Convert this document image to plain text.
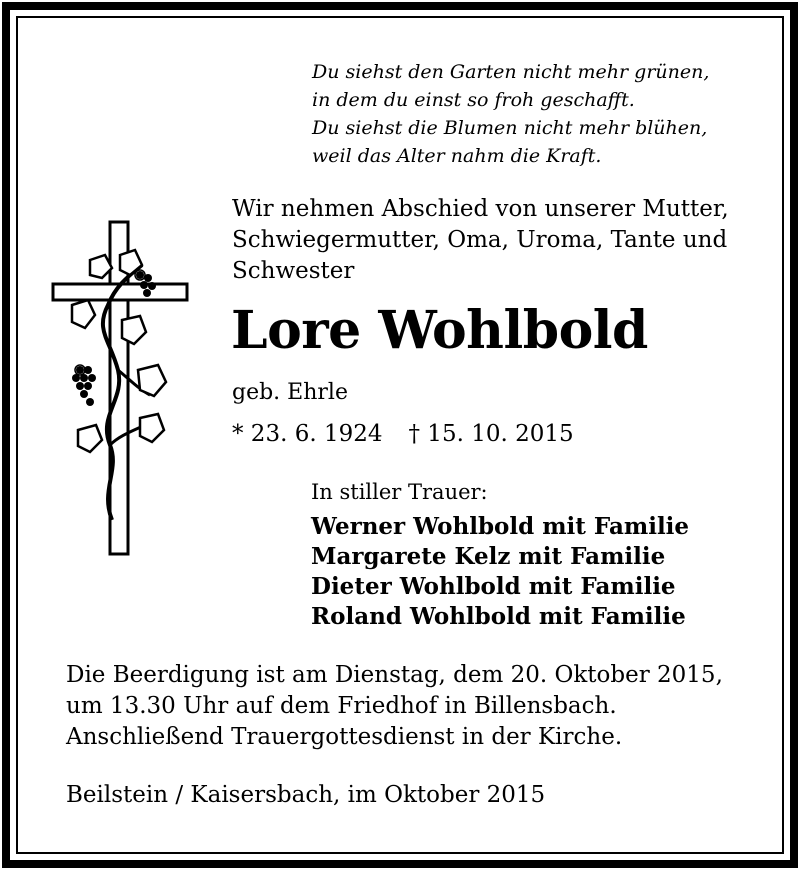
Du siehst den Garten nicht mehr grünen,
in dem du einst so froh geschafft.
Du siehst die Blumen nicht mehr blühen,
weil das Alter nahm die Kraft.
Wir nehmen Abschied von unserer Mutter,
Schwiegermutter, Oma, Uroma, Tante und
Schwester
Lore Wohlbold
geb. Ehrle
* 23. 6. 1924 † 15. 10. 2015
In stiller Trauer:
Werner Wohlbold mit Familie
Margarete Kelz mit Familie
Dieter Wohlbold mit Familie
Roland Wohlbold mit Familie
Die Beerdigung ist am Dienstag, dem 20. Oktober 2015,
um 13.30 Uhr auf dem Friedhof in Billensbach.
Anschließend Trauergottesdienst in der Kirche.
Beilstein / Kaisersbach, im Oktober 2015
